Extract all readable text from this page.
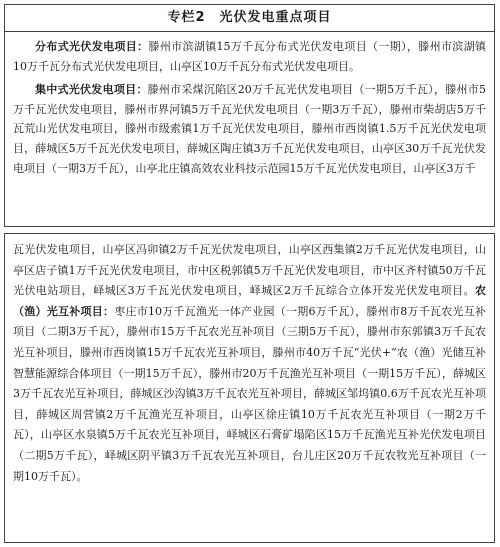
专栏2　光伏发电重点项目

分布式光伏发电项目：滕州市滨湖镇15万千瓦分布式光伏发电项目（一期），滕州市滨湖镇10万千瓦分布式光伏发电项目，山亭区10万千瓦分布式光伏发电项目。

集中式光伏发电项目：滕州市采煤沉陷区20万千瓦光伏发电项目（一期5万千瓦），滕州市5万千瓦光伏发电项目，滕州市界河镇5万千瓦光伏发电项目（一期3万千瓦），滕州市柴胡店5万千瓦荒山光伏发电项目，滕州市级索镇1万千瓦光伏发电项目，滕州市西岗镇1.5万千瓦光伏发电项目，薛城区5万千瓦光伏发电项目，薛城区陶庄镇3万千瓦光伏发电项目，山亭区30万千瓦光伏发电项目（一期3万千瓦），山亭北庄镇高效农业科技示范园15万千瓦光伏发电项目，山亭区3万千

瓦光伏发电项目，山亭区冯卯镇2万千瓦光伏发电项目，山亭区西集镇2万千瓦光伏发电项目，山亭区店子镇1万千瓦光伏发电项目，市中区税郭镇5万千瓦光伏发电项目，市中区齐村镇50万千瓦光伏电站项目，峄城区3万千瓦光伏发电项目，峄城区2万千瓦综合立体开发光伏发电项目。农（渔）光互补项目：枣庄市10万千瓦渔光一体产业园（一期6万千瓦），滕州市8万千瓦农光互补项目（二期3万千瓦），滕州市15万千瓦农光互补项目（三期5万千瓦），滕州市东郭镇3万千瓦农光互补项目，滕州市西岗镇15万千瓦农光互补项目，滕州市40万千瓦“光伏+”农（渔）光储互补智慧能源综合体项目（一期15万千瓦），滕州市20万千瓦渔光互补项目（一期15万千瓦），薛城区3万千瓦农光互补项目，薛城区沙沟镇3万千瓦农光互补项目，薛城区邹坞镇0.6万千瓦农光互补项目，薛城区周营镇2万千瓦渔光互补项目，山亭区徐庄镇10万千瓦农光互补项目（一期2万千瓦），山亭区水泉镇5万千瓦农光互补项目，峄城区石膏矿塌陷区15万千瓦渔光互补光伏发电项目（二期5万千瓦），峄城区阴平镇3万千瓦农光互补项目，台儿庄区20万千瓦农牧光互补项目（一期10万千瓦）。
